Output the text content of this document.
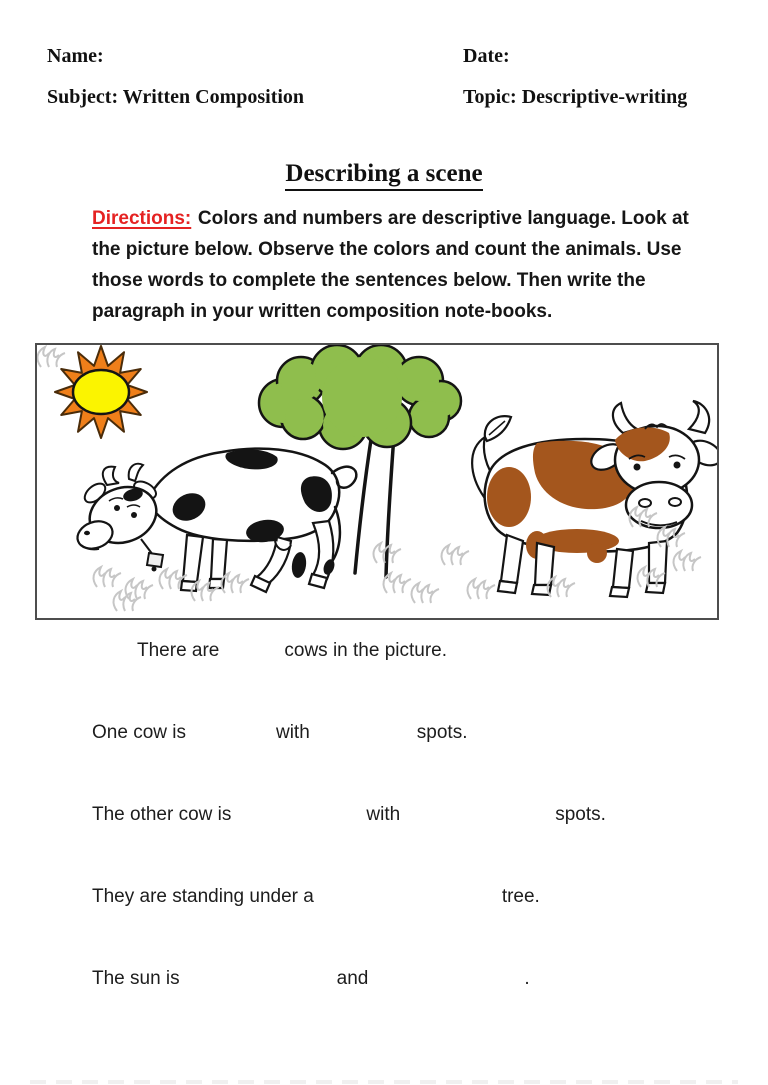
Name:	Date:
Subject: Written Composition	Topic: Descriptive-writing
Describing a scene
Directions: Colors and numbers are descriptive language. Look at
the picture below. Observe the colors and count the animals. Use
those words to complete the sentences below. Then write the
paragraph in your written composition note-books.
There are	cows in the picture.
One cow is	with	spots.
The other cow is	with	spots.
They are standing under a	tree.
The sun is	and	.
